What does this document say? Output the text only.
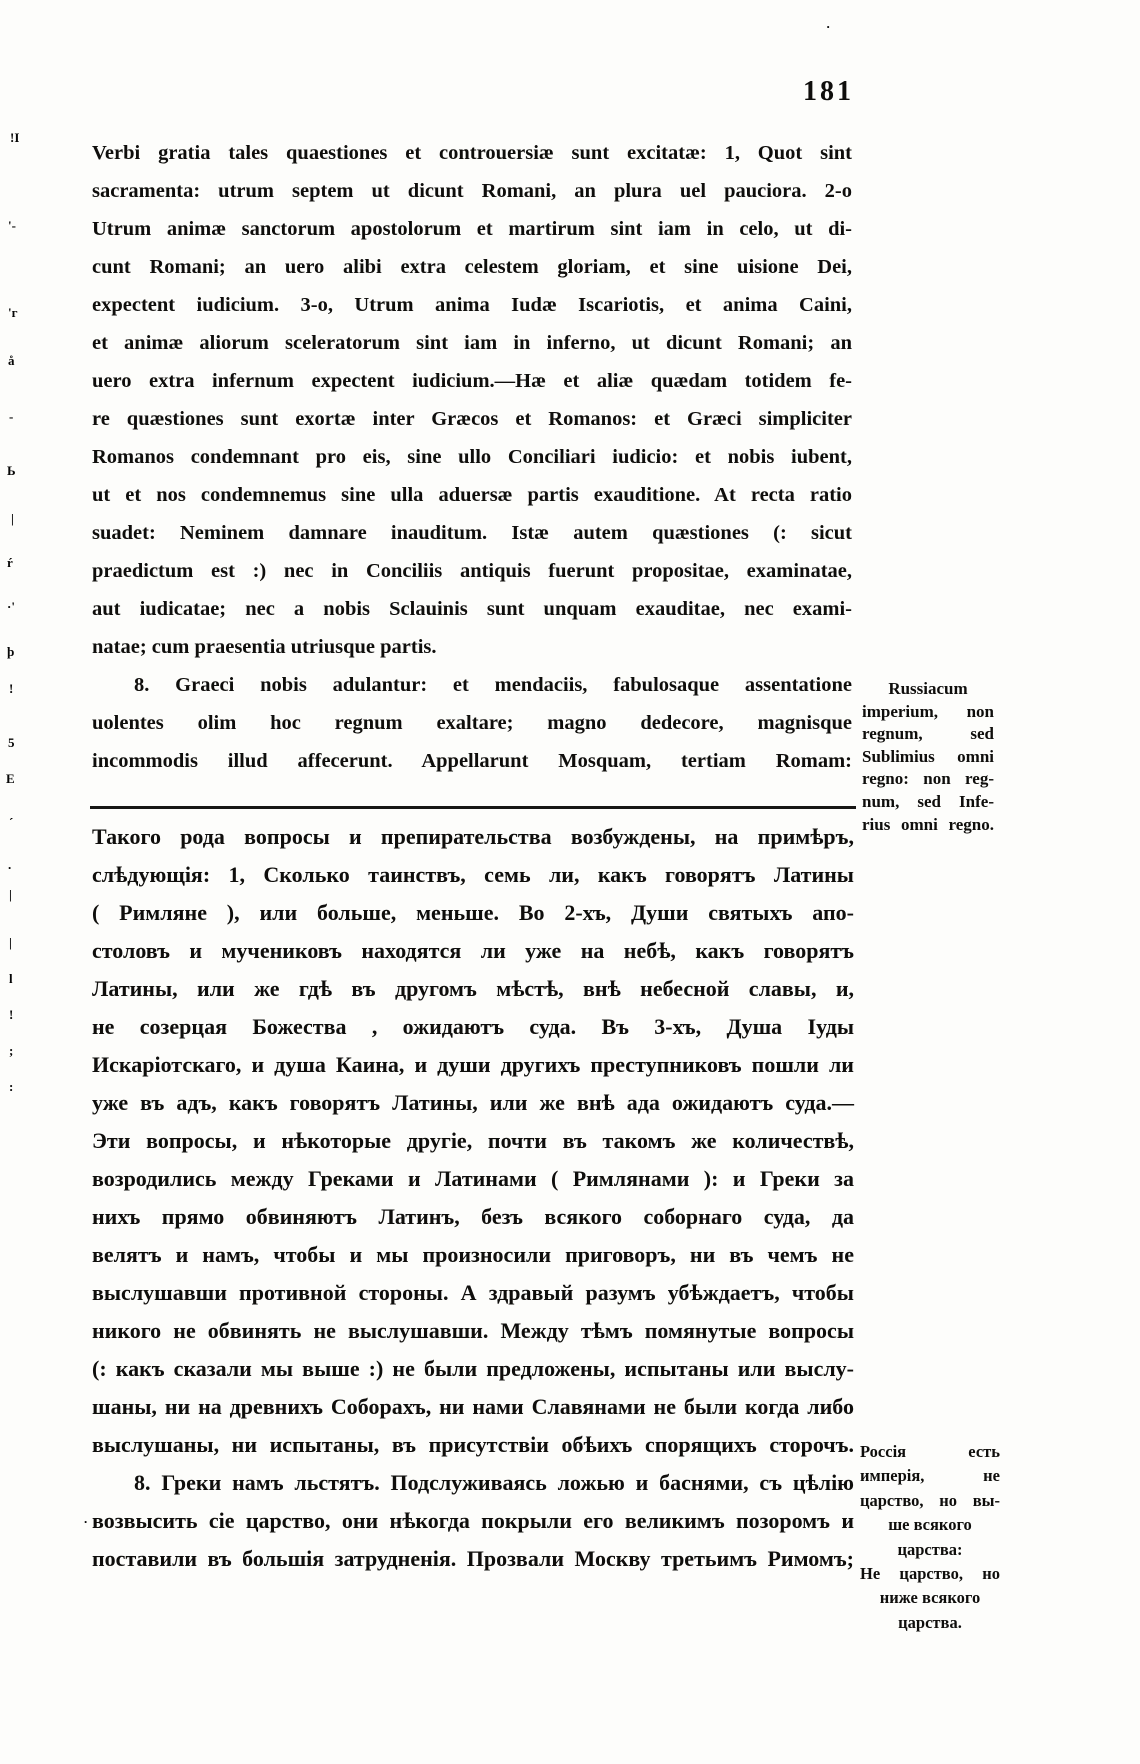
181
Verbi gratia tales quaestiones et controuersiæ sunt excitatæ: 1, Quot sint
sacramenta: utrum septem ut dicunt Romani, an plura uel pauciora. 2-o
Utrum animæ sanctorum apostolorum et martirum sint iam in celo, ut di-
cunt Romani; an uero alibi extra celestem gloriam, et sine uisione Dei,
expectent iudicium. 3-o, Utrum anima Iudæ Iscariotis, et anima Caini,
et animæ aliorum sceleratorum sint iam in inferno, ut dicunt Romani; an
uero extra infernum expectent iudicium.—Hæ et aliæ quædam totidem fe-
re quæstiones sunt exortæ inter Græcos et Romanos: et Græci simpliciter
Romanos condemnant pro eis, sine ullo Conciliari iudicio: et nobis iubent,
ut et nos condemnemus sine ulla aduersæ partis exauditione. At recta ratio
suadet: Neminem damnare inauditum. Istæ autem quæstiones (: sicut
praedictum est :) nec in Conciliis antiquis fuerunt propositae, examinatae,
aut iudicatae; nec a nobis Sclauinis sunt unquam exauditae, nec exami-
natae; cum praesentia utriusque partis.
8. Graeci nobis adulantur: et mendaciis, fabulosaque assentatione
uolentes olim hoc regnum exaltare; magno dedecore, magnisque
incommodis illud affecerunt. Appellarunt Mosquam, tertiam Romam:
Russiacum
imperium, non
regnum, sed
Sublimius omni
regno: non reg-
num, sed Infe-
rius omni regno.
Такого рода вопросы и препирательства возбуждены, на примѣръ,
слѣдующія: 1, Сколько таинствъ, семь ли, какъ говорятъ Латины
( Римляне ), или больше, меньше. Во 2-хъ, Души святыхъ апо-
столовъ и мучениковъ находятся ли уже на небѣ, какъ говорятъ
Латины, или же гдѣ въ другомъ мѣстѣ, внѣ небесной славы, и,
не созерцая Божества , ожидаютъ суда. Въ 3-хъ, Душа Іуды
Искаріотскаго, и душа Каина, и души другихъ преступниковъ пошли ли
уже въ адъ, какъ говорятъ Латины, или же внѣ ада ожидаютъ суда.—
Эти вопросы, и нѣкоторые другіе, почти въ такомъ же количествѣ,
возродились между Греками и Латинами ( Римлянами ): и Греки за
нихъ прямо обвиняютъ Латинъ, безъ всякого соборнаго суда, да
велятъ и намъ, чтобы и мы произносили приговоръ, ни въ чемъ не
выслушавши противной стороны. А здравый разумъ убѣждаетъ, чтобы
никого не обвинять не выслушавши. Между тѣмъ помянутые вопросы
(: какъ сказали мы выше :) не были предложены, испытаны или выслу-
шаны, ни на древнихъ Соборахъ, ни нами Славянами не были когда либо
выслушаны, ни испытаны, въ присутствіи обѣихъ спорящихъ сторочъ.
8. Греки намъ льстятъ. Подслуживаясь ложью и баснями, съ цѣлію
возвысить сіе царство, они нѣкогда покрыли его великимъ позоромъ и
поставили въ большія затрудненія. Прозвали Москву третьимъ Римомъ;
Россія есть
имперія, не
царство, но вы-
ше всякого
царства:
Не царство, но
ниже всякого
царства.
!I
'-
'г
å
-
Ь
|
ŕ
·'
þ
!
5
Е
´
.
|
|
l
!
;
:
·
.
